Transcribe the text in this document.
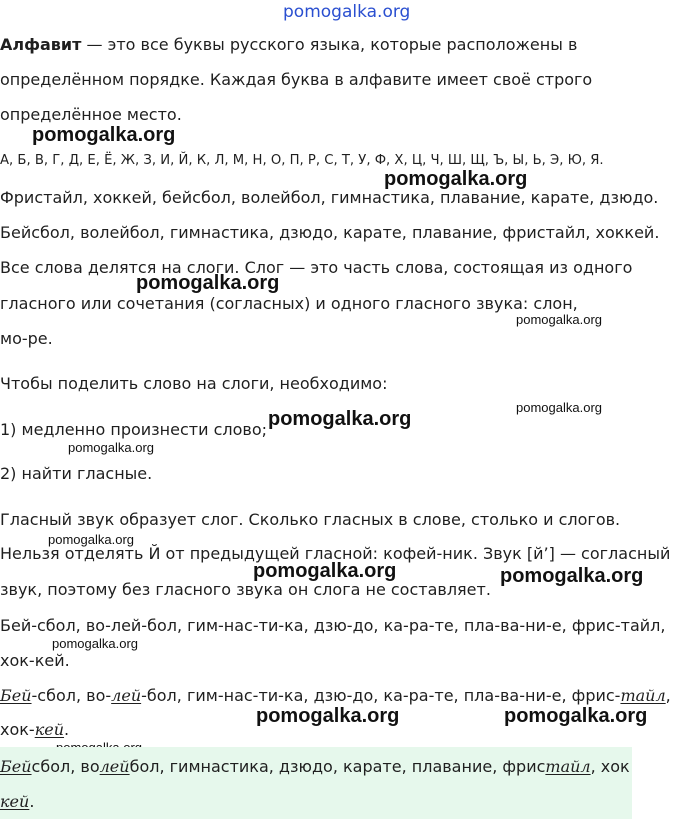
pomogalka.org
Алфавит — это все буквы русского языка, которые расположены в
определённом порядке. Каждая буква в алфавите имеет своё строго
определённое место.
pomogalka.org
А, Б, В, Г, Д, Е, Ё, Ж, З, И, Й, К, Л, М, Н, О, П, Р, С, Т, У, Ф, Х, Ц, Ч, Ш, Щ, Ъ, Ы, Ь, Э, Ю, Я.
pomogalka.org
Фристайл, хоккей, бейсбол, волейбол, гимнастика, плавание, карате, дзюдо.
Бейсбол, волейбол, гимнастика, дзюдо, карате, плавание, фристайл, хоккей.
Все слова делятся на слоги. Слог — это часть слова, состоящая из одного
pomogalka.org
гласного или сочетания (согласных) и одного гласного звука: слон,
pomogalka.org
мо-ре.
Чтобы поделить слово на слоги, необходимо:
pomogalka.org
1) медленно произнести слово; pomogalka.org
pomogalka.org
2) найти гласные.
Гласный звук образует слог. Сколько гласных в слове, столько и слогов.
pomogalka.org
Нельзя отделять Й от предыдущей гласной: кофей-ник. Звук [й’] — согласный
pomogalka.org	pomogalka.org
звук, поэтому без гласного звука он слога не составляет.
Бей-сбол, во-лей-бол, гим-нас-ти-ка, дзю-до, ка-ра-те, пла-ва-ни-е, фрис-тайл,
pomogalka.org
хок-кей.
Бей-сбол, во-лей-бол, гим-нас-ти-ка, дзю-до, ка-ра-те, пла-ва-ни-е, фрис-тайл,
pomogalka.org	pomogalka.org
хок-кей.
Бейсбол, волейбол, гимнастика, дзюдо, карате, плавание, фристайл, хок
кей.
